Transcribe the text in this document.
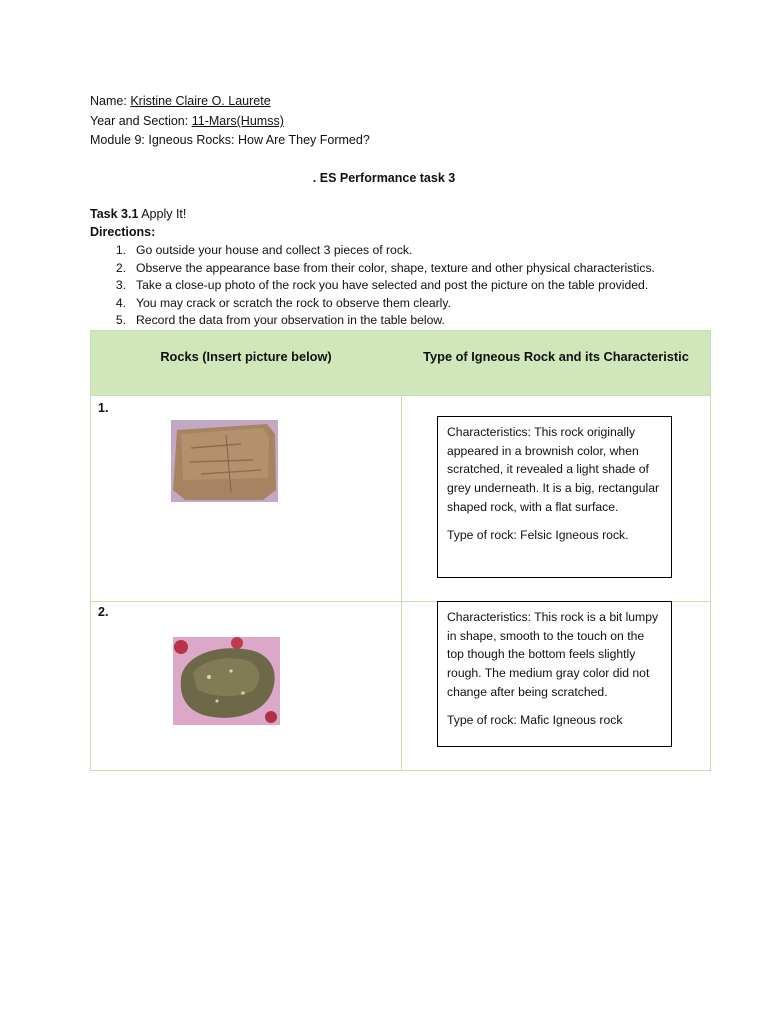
Name: Kristine Claire O. Laurete
Year and Section: 11-Mars(Humss)
Module 9: Igneous Rocks: How Are They Formed?
. ES Performance task 3
Task 3.1 Apply It!
Directions:
1. Go outside your house and collect 3 pieces of rock.
2. Observe the appearance base from their color, shape, texture and other physical characteristics.
3. Take a close-up photo of the rock you have selected and post the picture on the table provided.
4. You may crack or scratch the rock to observe them clearly.
5. Record the data from your observation in the table below.
Rocks (Insert picture below)	Type of Igneous Rock and its Characteristic
1.

Characteristics: This rock originally appeared in a brownish color, when scratched, it revealed a light shade of grey underneath. It is a big, rectangular shaped rock, with a flat surface.

Type of rock: Felsic Igneous rock.

2.	Characteristics: This rock is a bit lumpy in shape, smooth to the touch on the top though the bottom feels slightly rough. The medium gray color did not change after being scratched.

Type of rock: Mafic Igneous rock
